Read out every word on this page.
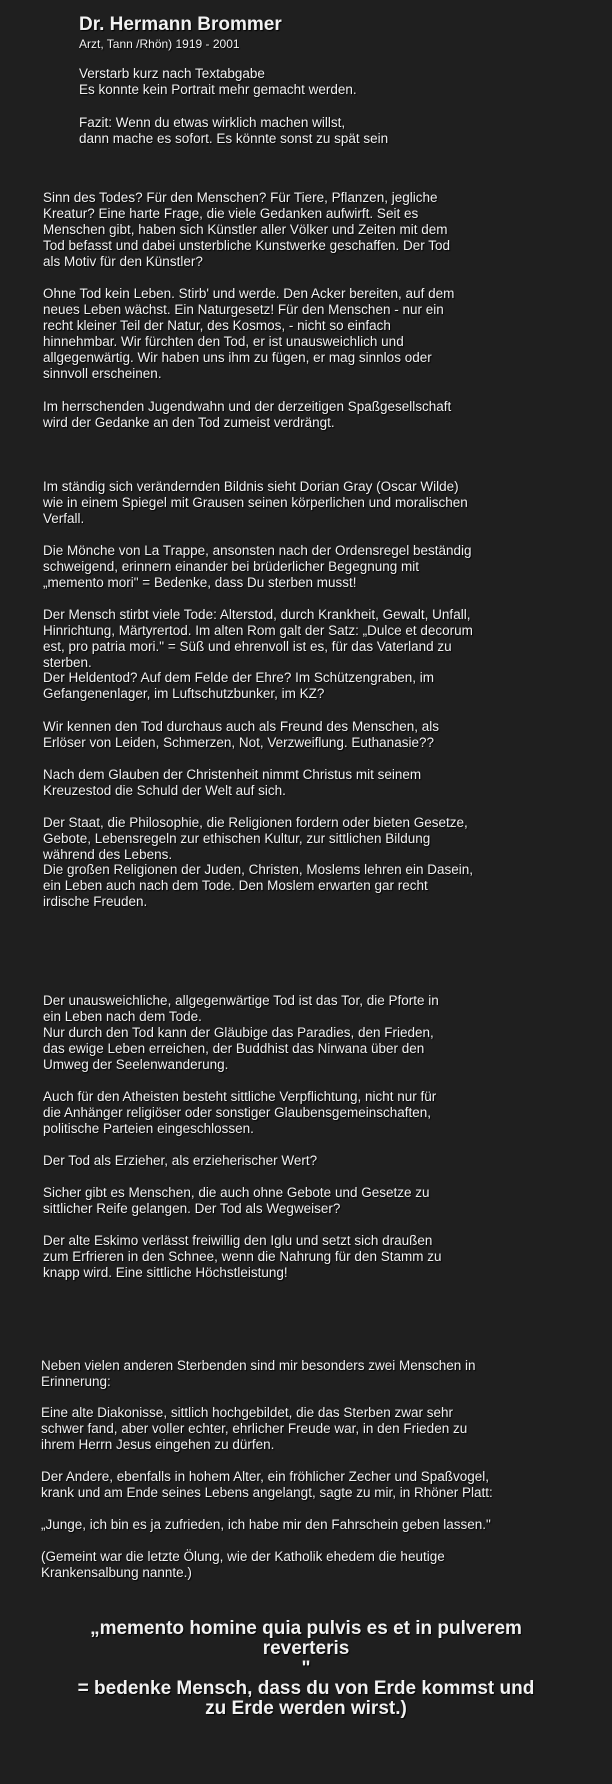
Dr. Hermann Brommer
Arzt, Tann /Rhön) 1919 - 2001
Verstarb kurz nach Textabgabe
Es konnte kein Portrait mehr gemacht werden.
Fazit: Wenn du etwas wirklich machen willst,
dann mache es sofort. Es könnte sonst zu spät sein
Sinn des Todes? Für den Menschen? Für Tiere, Pflanzen, jegliche
Kreatur? Eine harte Frage, die viele Gedanken aufwirft. Seit es
Menschen gibt, haben sich Künstler aller Völker und Zeiten mit dem
Tod befasst und dabei unsterbliche Kunstwerke geschaffen. Der Tod
als Motiv für den Künstler?
Ohne Tod kein Leben. Stirb' und werde. Den Acker bereiten, auf dem
neues Leben wächst. Ein Naturgesetz! Für den Menschen - nur ein
recht kleiner Teil der Natur, des Kosmos, - nicht so einfach
hinnehmbar. Wir fürchten den Tod, er ist unausweichlich und
allgegenwärtig. Wir haben uns ihm zu fügen, er mag sinnlos oder
sinnvoll erscheinen.
Im herrschenden Jugendwahn und der derzeitigen Spaßgesellschaft
wird der Gedanke an den Tod zumeist verdrängt.
Im ständig sich verändernden Bildnis sieht Dorian Gray (Oscar Wilde)
wie in einem Spiegel mit Grausen seinen körperlichen und moralischen
Verfall.
Die Mönche von La Trappe, ansonsten nach der Ordensregel beständig
schweigend, erinnern einander bei brüderlicher Begegnung mit
„memento mori" = Bedenke, dass Du sterben musst!
Der Mensch stirbt viele Tode: Alterstod, durch Krankheit, Gewalt, Unfall,
Hinrichtung, Märtyrertod. Im alten Rom galt der Satz: „Dulce et decorum
est, pro patria mori." = Süß und ehrenvoll ist es, für das Vaterland zu
sterben.
Der Heldentod? Auf dem Felde der Ehre? Im Schützengraben, im
Gefangenenlager, im Luftschutzbunker, im KZ?
Wir kennen den Tod durchaus auch als Freund des Menschen, als
Erlöser von Leiden, Schmerzen, Not, Verzweiflung. Euthanasie??
Nach dem Glauben der Christenheit nimmt Christus mit seinem
Kreuzestod die Schuld der Welt auf sich.
Der Staat, die Philosophie, die Religionen fordern oder bieten Gesetze,
Gebote, Lebensregeln zur ethischen Kultur, zur sittlichen Bildung
während des Lebens.
Die großen Religionen der Juden, Christen, Moslems lehren ein Dasein,
ein Leben auch nach dem Tode. Den Moslem erwarten gar recht
irdische Freuden.
Der unausweichliche, allgegenwärtige Tod ist das Tor, die Pforte in
ein Leben nach dem Tode.
Nur durch den Tod kann der Gläubige das Paradies, den Frieden,
das ewige Leben erreichen, der Buddhist das Nirwana über den
Umweg der Seelenwanderung.
Auch für den Atheisten besteht sittliche Verpflichtung, nicht nur für
die Anhänger religiöser oder sonstiger Glaubensgemeinschaften,
politische Parteien eingeschlossen.
Der Tod als Erzieher, als erzieherischer Wert?
Sicher gibt es Menschen, die auch ohne Gebote und Gesetze zu
sittlicher Reife gelangen. Der Tod als Wegweiser?
Der alte Eskimo verlässt freiwillig den Iglu und setzt sich draußen
zum Erfrieren in den Schnee, wenn die Nahrung für den Stamm zu
knapp wird. Eine sittliche Höchstleistung!
Neben vielen anderen Sterbenden sind mir besonders zwei Menschen in
Erinnerung:
Eine alte Diakonisse, sittlich hochgebildet, die das Sterben zwar sehr
schwer fand, aber voller echter, ehrlicher Freude war, in den Frieden zu
ihrem Herrn Jesus eingehen zu dürfen.
Der Andere, ebenfalls in hohem Alter, ein fröhlicher Zecher und Spaßvogel,
krank und am Ende seines Lebens angelangt, sagte zu mir, in Rhöner Platt:
„Junge, ich bin es ja zufrieden, ich habe mir den Fahrschein geben lassen."
(Gemeint war die letzte Ölung, wie der Katholik ehedem die heutige
Krankensalbung nannte.)
„memento homine quia pulvis es et in pulverem
reverteris
"
= bedenke Mensch, dass du von Erde kommst und
zu Erde werden wirst.)
